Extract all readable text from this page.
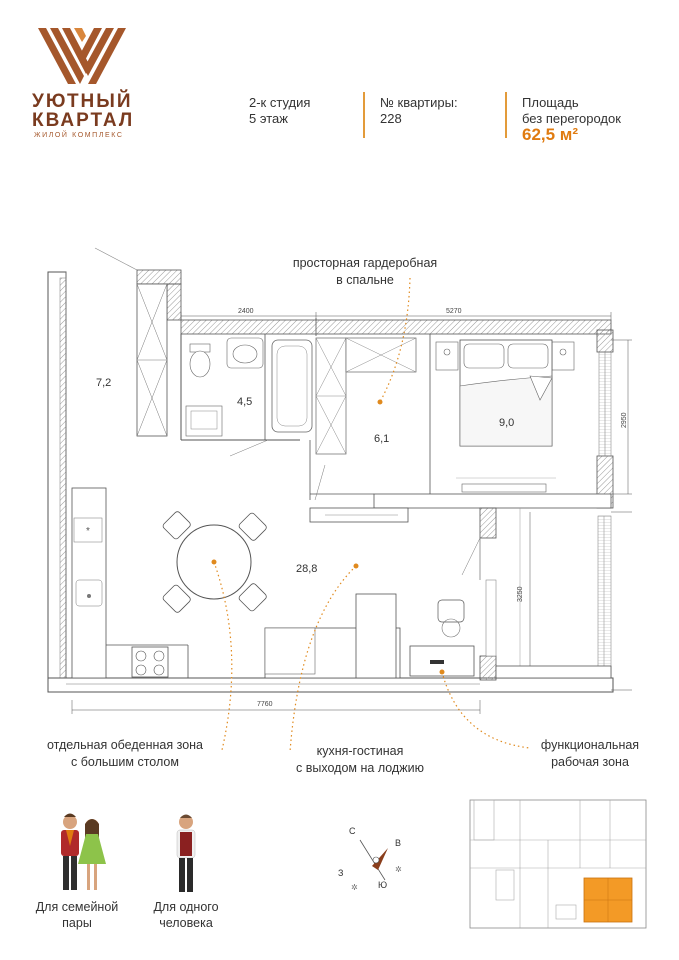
УЮТНЫЙ
КВАРТАЛ
ЖИЛОЙ КОМПЛЕКС
2-к студия
5 этаж
№ квартиры:
228
Площадь
без перегородок
62,5 м²
просторная гардеробная
в спальне
отдельная обеденная зона
с большим столом
кухня-гостиная
с выходом на лоджию
функциональная
рабочая зона
*
7,2
4,5
6,1
9,0
28,8
2400	5270
2950
3250
7760
С
В
Ю
З
✲
✲
Для семейной
пары
Для одного
человека
